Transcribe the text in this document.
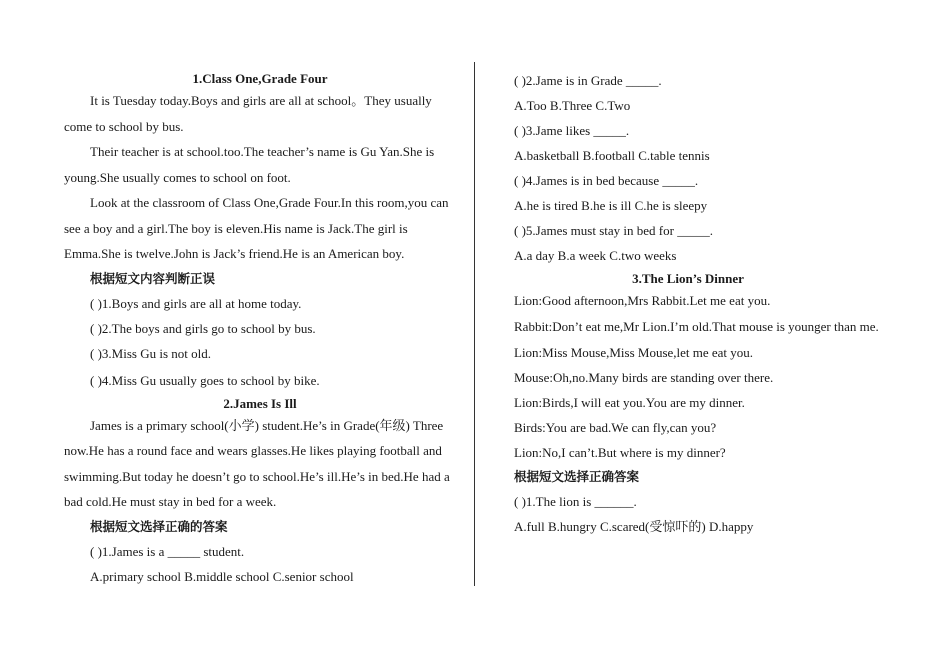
1.Class One,Grade Four

It is Tuesday today.Boys and girls are all at school。They usually come to school by bus.

Their teacher is at school.too.The teacher’s name is Gu Yan.She is young.She usually comes to school on foot.

Look at the classroom of Class One,Grade Four.In this room,you can see a boy and a girl.The boy is eleven.His name is Jack.The girl is Emma.She is twelve.John is Jack’s friend.He is an American boy.

根据短文内容判断正误

( )1.Boys and girls are all at home today.

( )2.The boys and girls go to school by bus.

( )3.Miss Gu is not old.

( )4.Miss Gu usually goes to school by bike.

2.James Is Ill

James is a primary school(小学) student.He’s in Grade(年级) Three now.He has a round face and wears glasses.He likes playing football and swimming.But today he doesn’t go to school.He’s ill.He’s in bed.He had a bad cold.He must stay in bed for a week.

根据短文选择正确的答案

( )1.James is a _____ student.

A.primary school B.middle school C.senior school

( )2.Jame is in Grade _____.

A.Too B.Three C.Two

( )3.Jame likes _____.

A.basketball B.football C.table tennis

( )4.James is in bed because _____.

A.he is tired B.he is ill C.he is sleepy

( )5.James must stay in bed for _____.

A.a day B.a week C.two weeks

3.The Lion’s Dinner

Lion:Good afternoon,Mrs Rabbit.Let me eat you.

Rabbit:Don’t eat me,Mr Lion.I’m old.That mouse is younger than me.

Lion:Miss Mouse,Miss Mouse,let me eat you.

Mouse:Oh,no.Many birds are standing over there.

Lion:Birds,I will eat you.You are my dinner.

Birds:You are bad.We can fly,can you?

Lion:No,I can’t.But where is my dinner?

根据短文选择正确答案

( )1.The lion is ______.

A.full B.hungry C.scared(受惊吓的) D.happy
